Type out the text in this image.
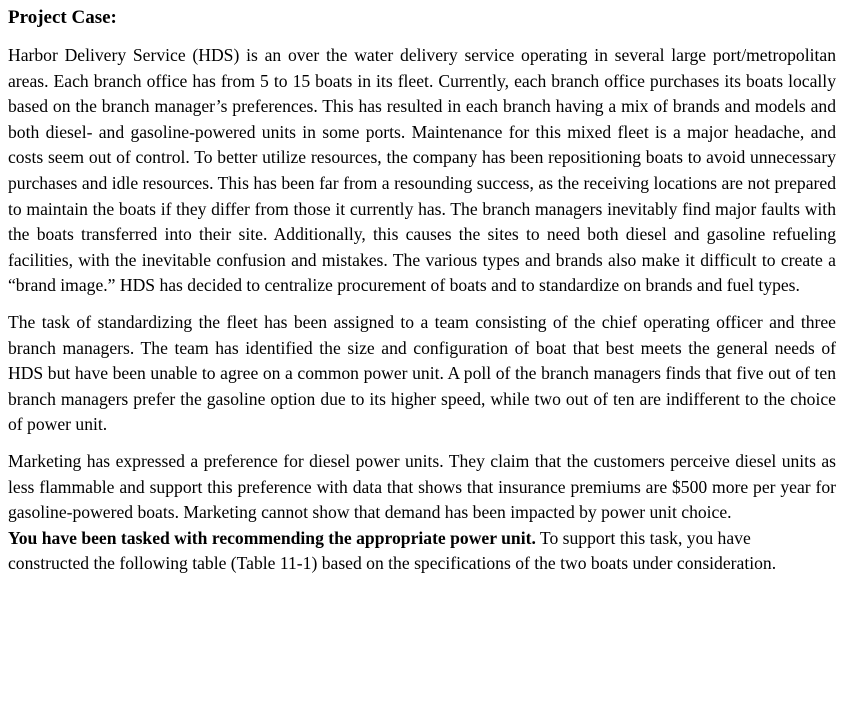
Project Case:

Harbor Delivery Service (HDS) is an over the water delivery service operating in several large port/metropolitan areas. Each branch office has from 5 to 15 boats in its fleet. Currently, each branch office purchases its boats locally based on the branch manager’s preferences. This has resulted in each branch having a mix of brands and models and both diesel- and gasoline-powered units in some ports. Maintenance for this mixed fleet is a major headache, and costs seem out of control. To better utilize resources, the company has been repositioning boats to avoid unnecessary purchases and idle resources. This has been far from a resounding success, as the receiving locations are not prepared to maintain the boats if they differ from those it currently has. The branch managers inevitably find major faults with the boats transferred into their site. Additionally, this causes the sites to need both diesel and gasoline refueling facilities, with the inevitable confusion and mistakes. The various types and brands also make it difficult to create a “brand image.” HDS has decided to centralize procurement of boats and to standardize on brands and fuel types.

The task of standardizing the fleet has been assigned to a team consisting of the chief operating officer and three branch managers. The team has identified the size and configuration of boat that best meets the general needs of HDS but have been unable to agree on a common power unit. A poll of the branch managers finds that five out of ten branch managers prefer the gasoline option due to its higher speed, while two out of ten are indifferent to the choice of power unit.

Marketing has expressed a preference for diesel power units. They claim that the customers perceive diesel units as less flammable and support this preference with data that shows that insurance premiums are $500 more per year for gasoline-powered boats. Marketing cannot show that demand has been impacted by power unit choice.

You have been tasked with recommending the appropriate power unit. To support this task, you have constructed the following table (Table 11-1) based on the specifications of the two boats under consideration.
